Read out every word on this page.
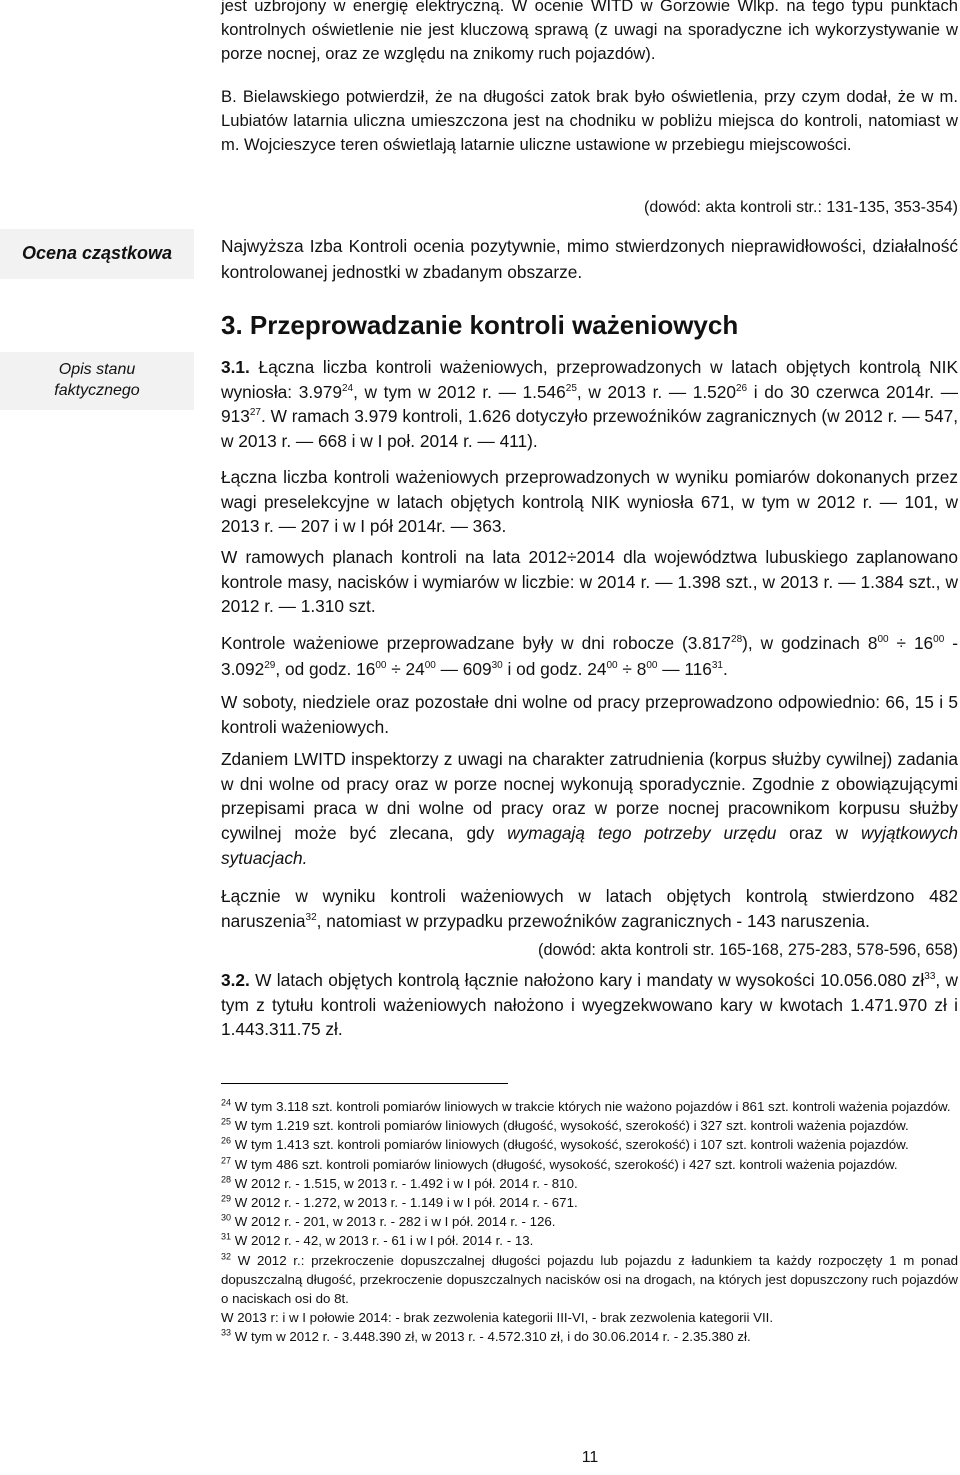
Ocena cząstkowa
Opis stanu
faktycznego

jest uzbrojony w energię elektryczną. W ocenie WITD w Gorzowie Wlkp. na tego typu punktach kontrolnych oświetlenie nie jest kluczową sprawą (z uwagi na sporadyczne ich wykorzystywanie w porze nocnej, oraz ze względu na znikomy ruch pojazdów).

B. Bielawskiego potwierdził, że na długości zatok brak było oświetlenia, przy czym dodał, że w m. Lubiatów latarnia uliczna umieszczona jest na chodniku w pobliżu miejsca do kontroli, natomiast w m. Wojcieszyce teren oświetlają latarnie uliczne ustawione w przebiegu miejscowości.

(dowód: akta kontroli str.: 131-135, 353-354)

Najwyższa Izba Kontroli ocenia pozytywnie, mimo stwierdzonych nieprawidłowości, działalność kontrolowanej jednostki w zbadanym obszarze.

3. Przeprowadzanie kontroli ważeniowych

3.1. Łączna liczba kontroli ważeniowych, przeprowadzonych w latach objętych kontrolą NIK wyniosła: 3.979$^{24}$, w tym w 2012 r. — 1.546$^{25}$, w 2013 r. — 1.520$^{26}$ i do 30 czerwca 2014r. — $913^{27}$. W ramach 3.979 kontroli, 1.626 dotyczyło przewoźników zagranicznych (w 2012 r. — 547, w 2013 r. — 668 i w I poł. 2014 r. — 411).

Łączna liczba kontroli ważeniowych przeprowadzonych w wyniku pomiarów dokonanych przez wagi preselekcyjne w latach objętych kontrolą NIK wyniosła 671, w tym w 2012 r. — 101, w 2013 r. — 207 i w I pół 2014r. — 363.

W ramowych planach kontroli na lata 2012÷2014 dla województwa lubuskiego zaplanowano kontrole masy, nacisków i wymiarów w liczbie: w 2014 r. — 1.398 szt., w 2013 r. — 1.384 szt., w 2012 r. — 1.310 szt.

Kontrole ważeniowe przeprowadzane były w dni robocze (3.817$^{28}$), w godzinach $8^{00} \div 16^{00} - 3.092^{29}$, od godz. $16^{00} \div 24^{00}$ — $609^{30}$ i od godz. $24^{00} \div 8^{00}$ — $116^{31}$.

W soboty, niedziele oraz pozostałe dni wolne od pracy przeprowadzono odpowiednio: 66, 15 i 5 kontroli ważeniowych.

Zdaniem LWITD inspektorzy z uwagi na charakter zatrudnienia (korpus służby cywilnej) zadania w dni wolne od pracy oraz w porze nocnej wykonują sporadycznie. Zgodnie z obowiązującymi przepisami praca w dni wolne od pracy oraz w porze nocnej pracownikom korpusu służby cywilnej może być zlecana, gdy wymagają tego potrzeby urzędu oraz w wyjątkowych sytuacjach.

Łącznie w wyniku kontroli ważeniowych w latach objętych kontrolą stwierdzono 482 naruszenia$^{32}$, natomiast w przypadku przewoźników zagranicznych - 143 naruszenia.

(dowód: akta kontroli str. 165-168, 275-283, 578-596, 658)

3.2. W latach objętych kontrolą łącznie nałożono kary i mandaty w wysokości 10.056.080 $zł^{33}$, w tym z tytułu kontroli ważeniowych nałożono i wyegzekwowano kary w kwotach 1.471.970 zł i 1.443.311.75 zł.

$^{24}$ W tym 3.118 szt. kontroli pomiarów liniowych w trakcie których nie ważono pojazdów i 861 szt. kontroli ważenia pojazdów.

$^{25}$ W tym 1.219 szt. kontroli pomiarów liniowych (długość, wysokość, szerokość) i 327 szt. kontroli ważenia pojazdów.

$^{26}$ W tym 1.413 szt. kontroli pomiarów liniowych (długość, wysokość, szerokość) i 107 szt. kontroli ważenia pojazdów.

$^{27}$ W tym 486 szt. kontroli pomiarów liniowych (długość, wysokość, szerokość) i 427 szt. kontroli ważenia pojazdów.

$^{28}$ W 2012 r. - 1.515, w 2013 r. - 1.492 i w I pół. 2014 r. - 810.

$^{29}$ W 2012 r. - 1.272, w 2013 r. - 1.149 i w I pół. 2014 r. - 671.

$^{30}$ W 2012 r. - 201, w 2013 r. - 282 i w I pół. 2014 r. - 126.

$^{31}$ W 2012 r. - 42, w 2013 r. - 61 i w I pół. 2014 r. - 13.

$^{32}$ W 2012 r.: przekroczenie dopuszczalnej długości pojazdu lub pojazdu z ładunkiem ta każdy rozpoczęty 1 m ponad dopuszczalną długość, przekroczenie dopuszczalnych nacisków osi na drogach, na których jest dopuszczony ruch pojazdów o naciskach osi do 8t.

W 2013 r: i w I połowie 2014: - brak zezwolenia kategorii III-VI, - brak zezwolenia kategorii VII.

$^{33}$ W tym w 2012 r. - 3.448.390 zł, w 2013 r. - 4.572.310 zł, i do 30.06.2014 r. - 2.35.380 zł.

11
